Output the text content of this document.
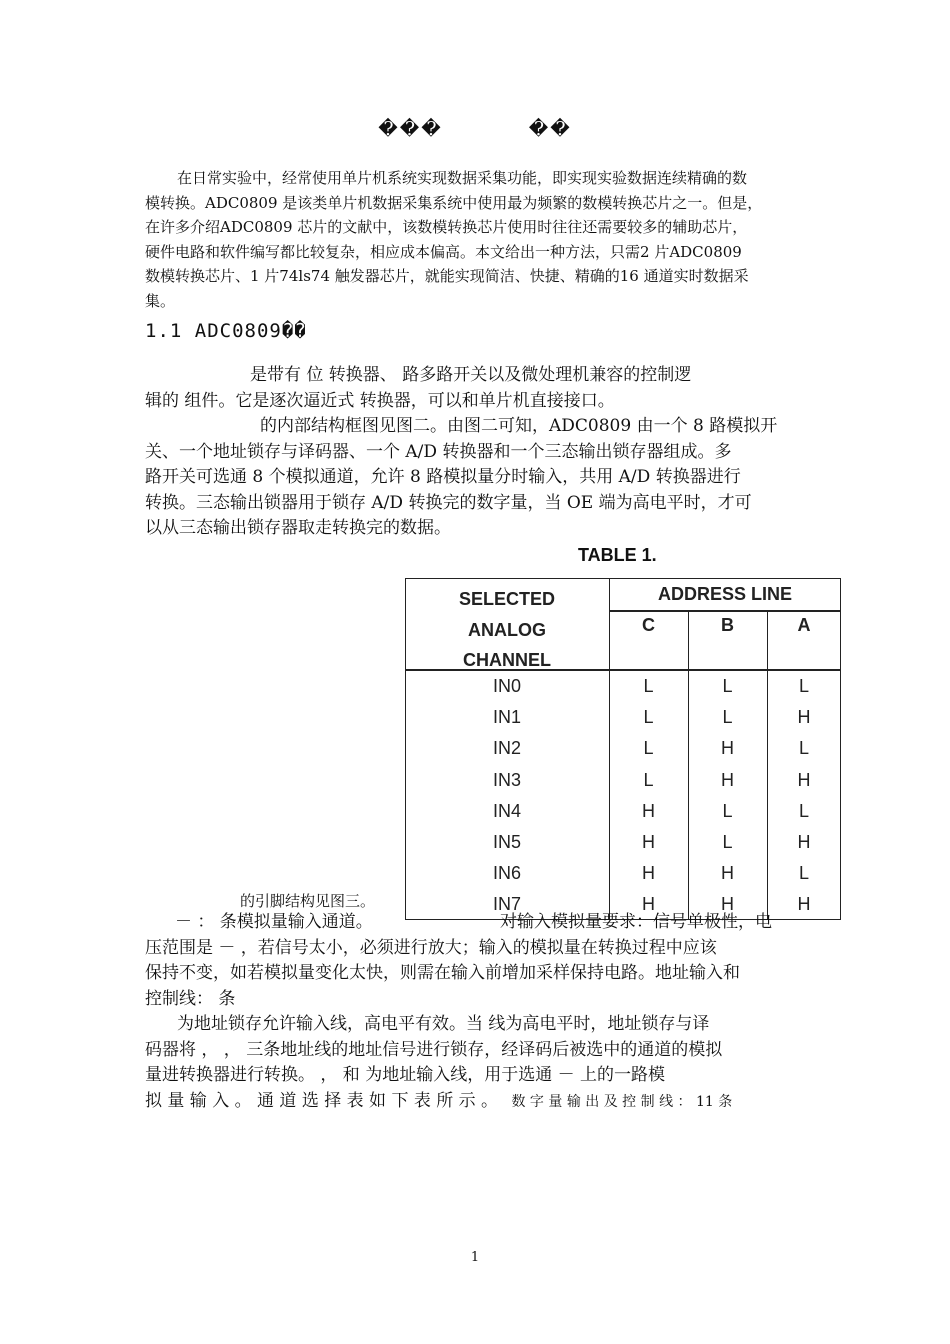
���	��
在日常实验中，经常使用单片机系统实现数据采集功能，即实现实验数据连续精确的数
模转换。ADC0809 是该类单片机数据采集系统中使用最为频繁的数模转换芯片之一。但是，
在许多介绍ADC0809 芯片的文献中，该数模转换芯片使用时往往还需要较多的辅助芯片，
硬件电路和软件编写都比较复杂，相应成本偏高。本文给出一种方法，只需2 片ADC0809
数模转换芯片、1 片74ls74 触发器芯片，就能实现简洁、快捷、精确的16 通道实时数据采
集。
1.1 ADC0809��
是带有 位 转换器、 路多路开关以及微处理机兼容的控制逻
辑的 组件。它是逐次逼近式 转换器，可以和单片机直接接口。
的内部结构框图见图二。由图二可知，ADC0809 由一个 8 路模拟开
关、一个地址锁存与译码器、一个 A/D 转换器和一个三态输出锁存器组成。多
路开关可选通 8 个模拟通道，允许 8 路模拟量分时输入，共用 A/D 转换器进行
转换。三态输出锁器用于锁存 A/D 转换完的数字量，当 OE 端为高电平时，才可
以从三态输出锁存器取走转换完的数据。
TABLE 1.
SELECTED
ANALOG
CHANNEL
ADDRESS LINE
C	B	A
IN0	L	L	L
IN1	L	L	H
IN2	L	H	L
IN3	L	H	H
IN4	H	L	L
IN5	H	L	H
IN6	H	H	L
IN7	H	H	H
的引脚结构见图三。
－ ： 条模拟量输入通道。	对输入模拟量要求：信号单极性，电
压范围是 － ，若信号太小，必须进行放大；输入的模拟量在转换过程中应该
保持不变，如若模拟量变化太快，则需在输入前增加采样保持电路。地址输入和
控制线： 条
为地址锁存允许输入线，高电平有效。当 线为高电平时，地址锁存与译
码器将 ， ， 三条地址线的地址信号进行锁存，经译码后被选中的通道的模拟
量进转换器进行转换。 ， 和 为地址输入线，用于选通 － 上的一路模
拟 量 输 入 。 通 道 选 择 表 如 下 表 所 示 。 数 字 量 输 出 及 控 制 线 ： 11 条
1
